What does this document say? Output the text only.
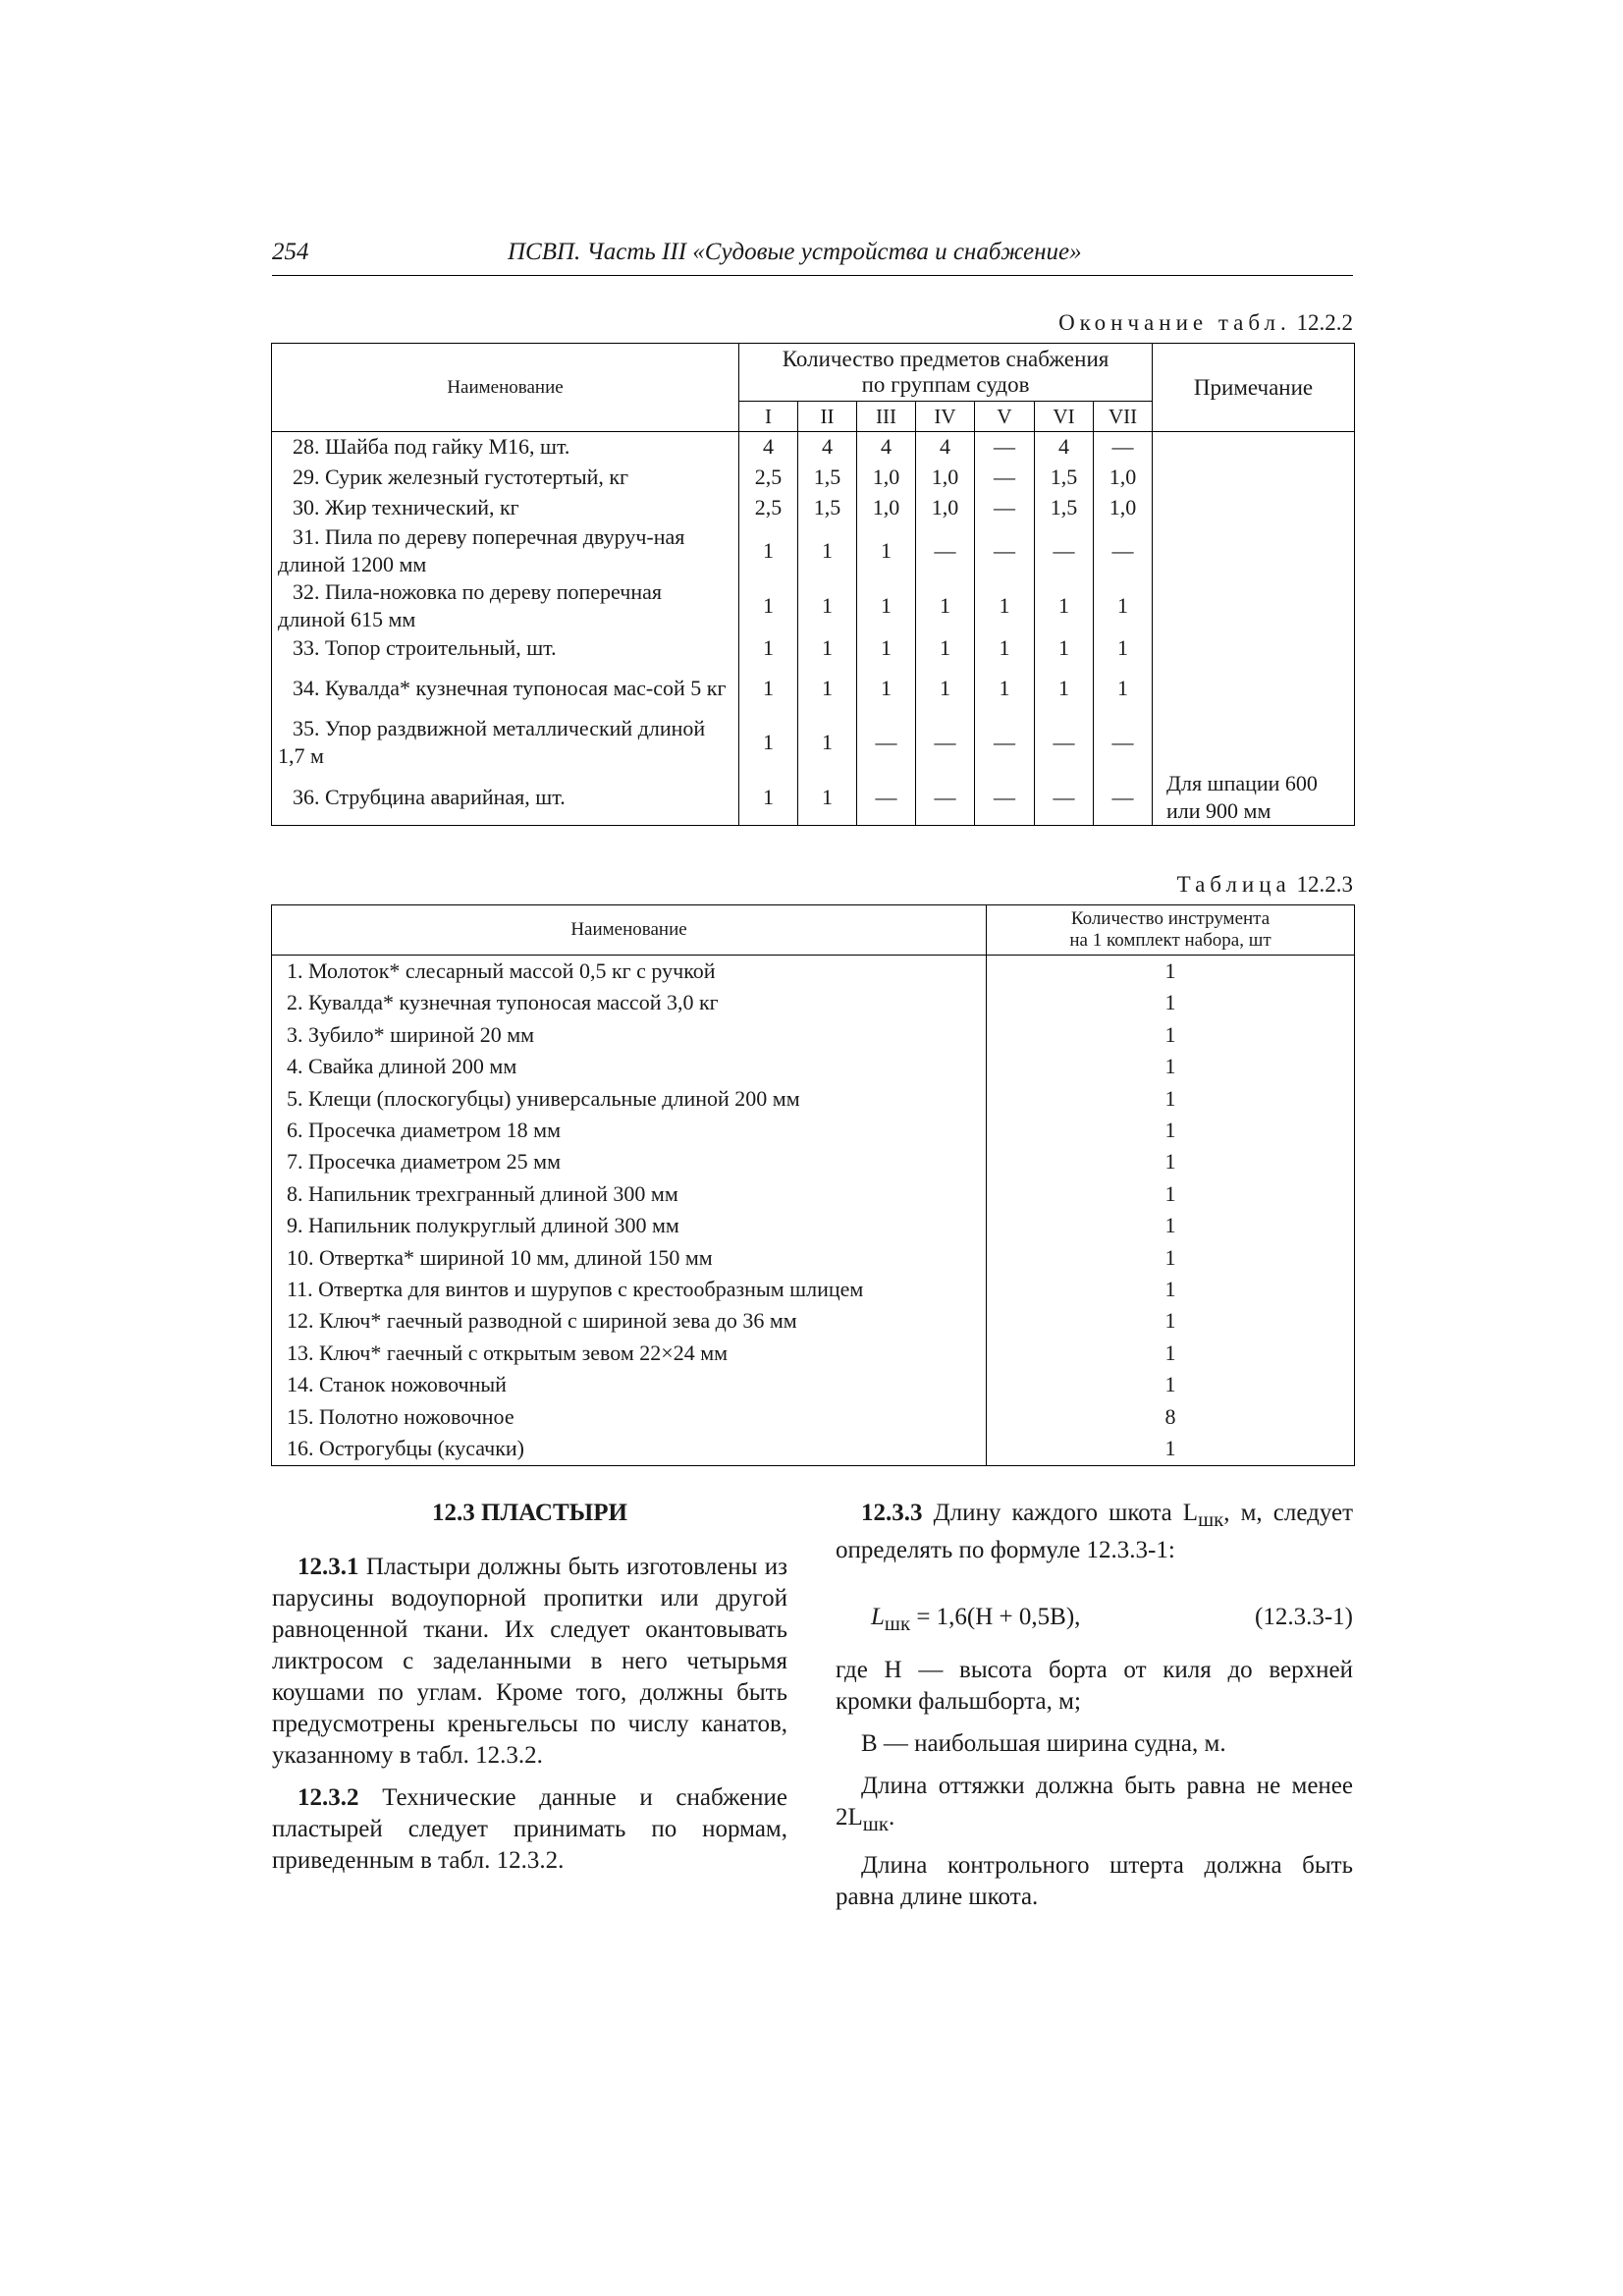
254	ПСВП. Часть III «Судовые устройства и снабжение»
Окончание табл. 12.2.2
Наименование	Количество предметов снабжения
по группам судов							Примечание	
	I	II	III	IV	V	VI	VII		
28. Шайба под гайку М16, шт.	4	4	4	4	—	4	—		
29. Сурик железный густотертый, кг	2,5	1,5	1,0	1,0	—	1,5	1,0		
30. Жир технический, кг	2,5	1,5	1,0	1,0	—	1,5	1,0		
31. Пила по дереву поперечная двуруч-ная длиной 1200 мм	1	1	1	—	—	—	—		
32. Пила-ножовка по дереву поперечная длиной 615 мм	1	1	1	1	1	1	1		
33. Топор строительный, шт.	1	1	1	1	1	1	1		
34. Кувалда* кузнечная тупоносая мас-сой 5 кг	1	1	1	1	1	1	1		
35. Упор раздвижной металлический длиной 1,7 м	1	1	—	—	—	—	—		
36. Струбцина аварийная, шт.	1	1	—	—	—	—	—	Для шпации 600 или 900 мм	
Таблица 12.2.3
Наименование	Количество инструмента
на 1 комплект набора, шт

1. Молоток* слесарный массой 0,5 кг с ручкой	1
2. Кувалда* кузнечная тупоносая массой 3,0 кг	1
3. Зубило* шириной 20 мм	1
4. Свайка длиной 200 мм	1
5. Клещи (плоскогубцы) универсальные длиной 200 мм	1
6. Просечка диаметром 18 мм	1
7. Просечка диаметром 25 мм	1
8. Напильник трехгранный длиной 300 мм	1
9. Напильник полукруглый длиной 300 мм	1
10. Отвертка* шириной 10 мм, длиной 150 мм	1
11. Отвертка для винтов и шурупов с крестообразным шлицем	1
12. Ключ* гаечный разводной с шириной зева до 36 мм	1
13. Ключ* гаечный с открытым зевом 22×24 мм	1
14. Станок ножовочный	1
15. Полотно ножовочное	8
16. Острогубцы (кусачки)	1
12.3 ПЛАСТЫРИ

12.3.1 Пластыри должны быть изготовлены из парусины водоупорной пропитки или другой равноценной ткани. Их следует окантовывать ликтросом с заделанными в него четырьмя коушами по углам. Кроме того, должны быть предусмотрены креньгельсы по числу канатов, указанному в табл. 12.3.2.

12.3.2 Технические данные и снабжение пластырей следует принимать по нормам, приведенным в табл. 12.3.2.

12.3.3 Длину каждого шкота $L_{шк}$, м, следует определять по формуле 12.3.3-1:

$L_{шк} = 1,6(H + 0,5B)$,	(12.3.3-1)

где H — высота борта от киля до верхней кромки фальшборта, м;

B — наибольшая ширина судна, м.

Длина оттяжки должна быть равна не менее $2L_{шк}$.

Длина контрольного штерта должна быть равна длине шкота.
